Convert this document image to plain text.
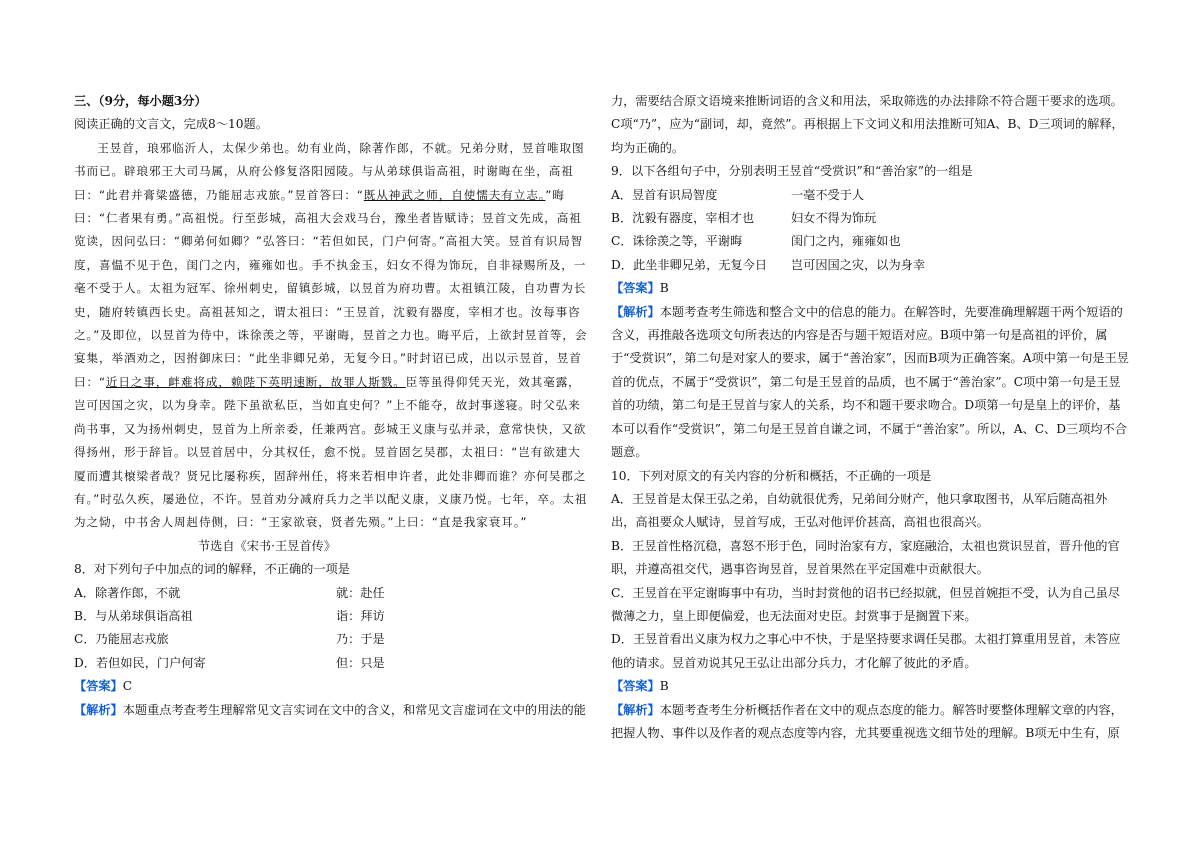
三、（9分，每小题3分）

阅读正确的文言文，完成8～10题。

王昱首，琅邪临沂人，太保少弟也。幼有业尚，除著作郎，不就。兄弟分财，昱首唯取图书而已。辟琅邪王大司马属，从府公修复洛阳园陵。与从弟球俱诣高祖，时谢晦在坐，高祖曰：“此君并膏粱盛德，乃能屈志戎旅。”昱首答曰：“既从神武之师，自使懦夫有立志。”晦曰：“仁者果有勇。”高祖悦。行至彭城，高祖大会戏马台，豫坐者皆赋诗；昱首文先成，高祖览读，因问弘曰：“卿弟何如卿？”弘答曰：“若但如民，门户何寄。”高祖大笑。昱首有识局智度，喜愠不见于色，闺门之内，雍雍如也。手不执金玉，妇女不得为饰玩，自非禄赐所及，一毫不受于人。太祖为冠军、徐州刺史，留镇彭城，以昱首为府功曹。太祖镇江陵，自功曹为长史，随府转镇西长史。高祖甚知之，谓太祖曰：“王昱首，沈毅有器度，宰相才也。汝每事咨之。”及即位，以昱首为侍中，诛徐羡之等，平谢晦，昱首之力也。晦平后，上欲封昱首等，会宴集，举酒劝之，因拊御床曰：“此坐非卿兄弟，无复今日。”时封诏已成，出以示昱首，昱首曰：“近日之事，衅难将成，赖陛下英明速断，故罪人斯戮。臣等虽得仰凭天光，效其毫露，岂可因国之灾，以为身幸。陛下虽欲私臣，当如直史何？”上不能夺，故封事遂寝。时父弘来尚书事，又为扬州刺史，昱首为上所亲委，任兼两宫。彭城王义康与弘并录，意常快快，又欲得扬州，形于辞旨。以昱首居中，分其权任，愈不悦。昱首固乞吴郡，太祖曰：“岂有欲建大厦而遭其榱梁者哉？贤兄比屡称疾，固辞州任，将来若相申许者，此处非卿而谁？亦何吴郡之有。”时弘久疾，屡逊位，不许。昱首劝分减府兵力之半以配义康，义康乃悦。七年，卒。太祖为之恸，中书舍人周赳侍侧，曰：“王家欲衰，贤者先殒。”上曰：“直是我家衰耳。”

节选自《宋书·王昱首传》

8．对下列句子中加点的词的解释，不正确的一项是

A．除著作郎，不就	就：赴任
B．与从弟球俱诣高祖	诣：拜访
C．乃能屈志戎旅	乃：于是
D．若但如民，门户何寄	但：只是

【答案】C

【解析】本题重点考查考生理解常见文言实词在文中的含义，和常见文言虚词在文中的用法的能

力，需要结合原文语境来推断词语的含义和用法，采取筛选的办法排除不符合题干要求的选项。

C项“乃”，应为“副词，却，竟然”。再根据上下文词义和用法推断可知A、B、D三项词的解释，均为正确的。

9．以下各组句子中，分别表明王昱首“受赏识”和“善治家”的一组是

A．昱首有识局智度	一毫不受于人
B．沈毅有器度，宰相才也	妇女不得为饰玩
C．诛徐羡之等，平谢晦	闺门之内，雍雍如也
D．此坐非卿兄弟，无复今日	岂可因国之灾，以为身幸

【答案】B

【解析】本题考查考生筛选和整合文中的信息的能力。在解答时，先要准确理解题干两个短语的含义，再推敲各选项文句所表达的内容是否与题干短语对应。B项中第一句是高祖的评价，属于“受赏识”，第二句是对家人的要求，属于“善治家”，因而B项为正确答案。A项中第一句是王昱首的优点，不属于“受赏识”，第二句是王昱首的品质，也不属于“善治家”。C项中第一句是王昱首的功绩，第二句是王昱首与家人的关系，均不和题干要求吻合。D项第一句是皇上的评价，基本可以看作“受赏识”，第二句是王昱首自谦之词，不属于“善治家”。所以，A、C、D三项均不合题意。

10．下列对原文的有关内容的分析和概括，不正确的一项是

A．王昱首是太保王弘之弟，自幼就很优秀，兄弟间分财产，他只拿取图书，从军后随高祖外出，高祖要众人赋诗，昱首写成，王弘对他评价甚高，高祖也很高兴。

B．王昱首性格沉稳，喜怒不形于色，同时治家有方，家庭融洽，太祖也赏识昱首，晋升他的官职，并遵高祖交代，遇事咨询昱首，昱首果然在平定国难中贡献很大。

C．王昱首在平定谢晦事中有功，当时封赏他的诏书已经拟就，但昱首婉拒不受，认为自己虽尽微薄之力，皇上即便偏爱，也无法面对史臣。封赏事于是搁置下来。

D．王昱首看出义康为权力之事心中不快，于是坚持要求调任吴郡。太祖打算重用昱首，未答应他的请求。昱首劝说其兄王弘让出部分兵力，才化解了彼此的矛盾。

【答案】B

【解析】本题考查考生分析概括作者在文中的观点态度的能力。解答时要整体理解文章的内容，把握人物、事件以及作者的观点态度等内容，尤其要重视选文细节处的理解。B项无中生有，原
